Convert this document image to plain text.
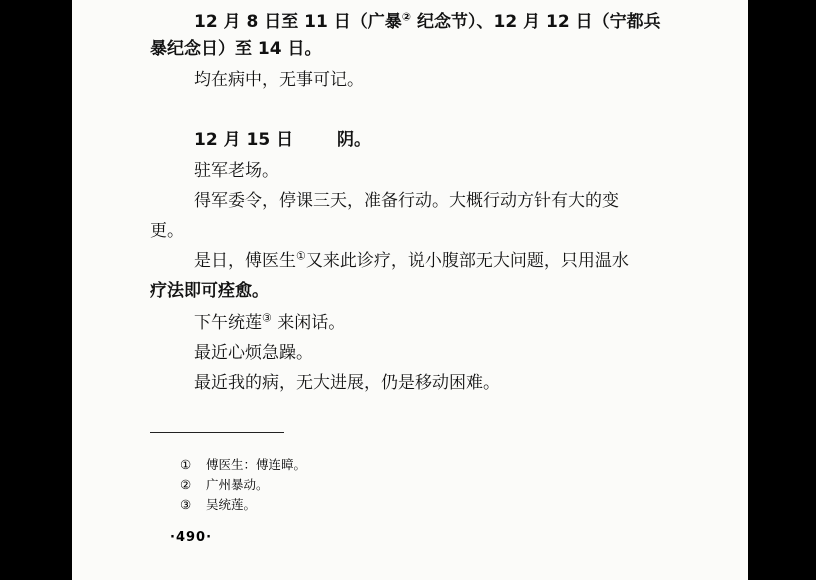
12 月 8 日至 11 日（广暴② 纪念节）、12 月 12 日（宁都兵
暴纪念日）至 14 日。
均在病中，无事可记。
12 月 15 日	阴。
驻军老场。
得军委令，停课三天，准备行动。大概行动方针有大的变
更。
是日，傅医生①又来此诊疗，说小腹部无大问题，只用温水
疗法即可痊愈。
下午统莲③ 来闲话。
最近心烦急躁。
最近我的病，无大进展，仍是移动困难。
① 傅医生：傅连暲。
② 广州暴动。
③ 吴统莲。
·490·
